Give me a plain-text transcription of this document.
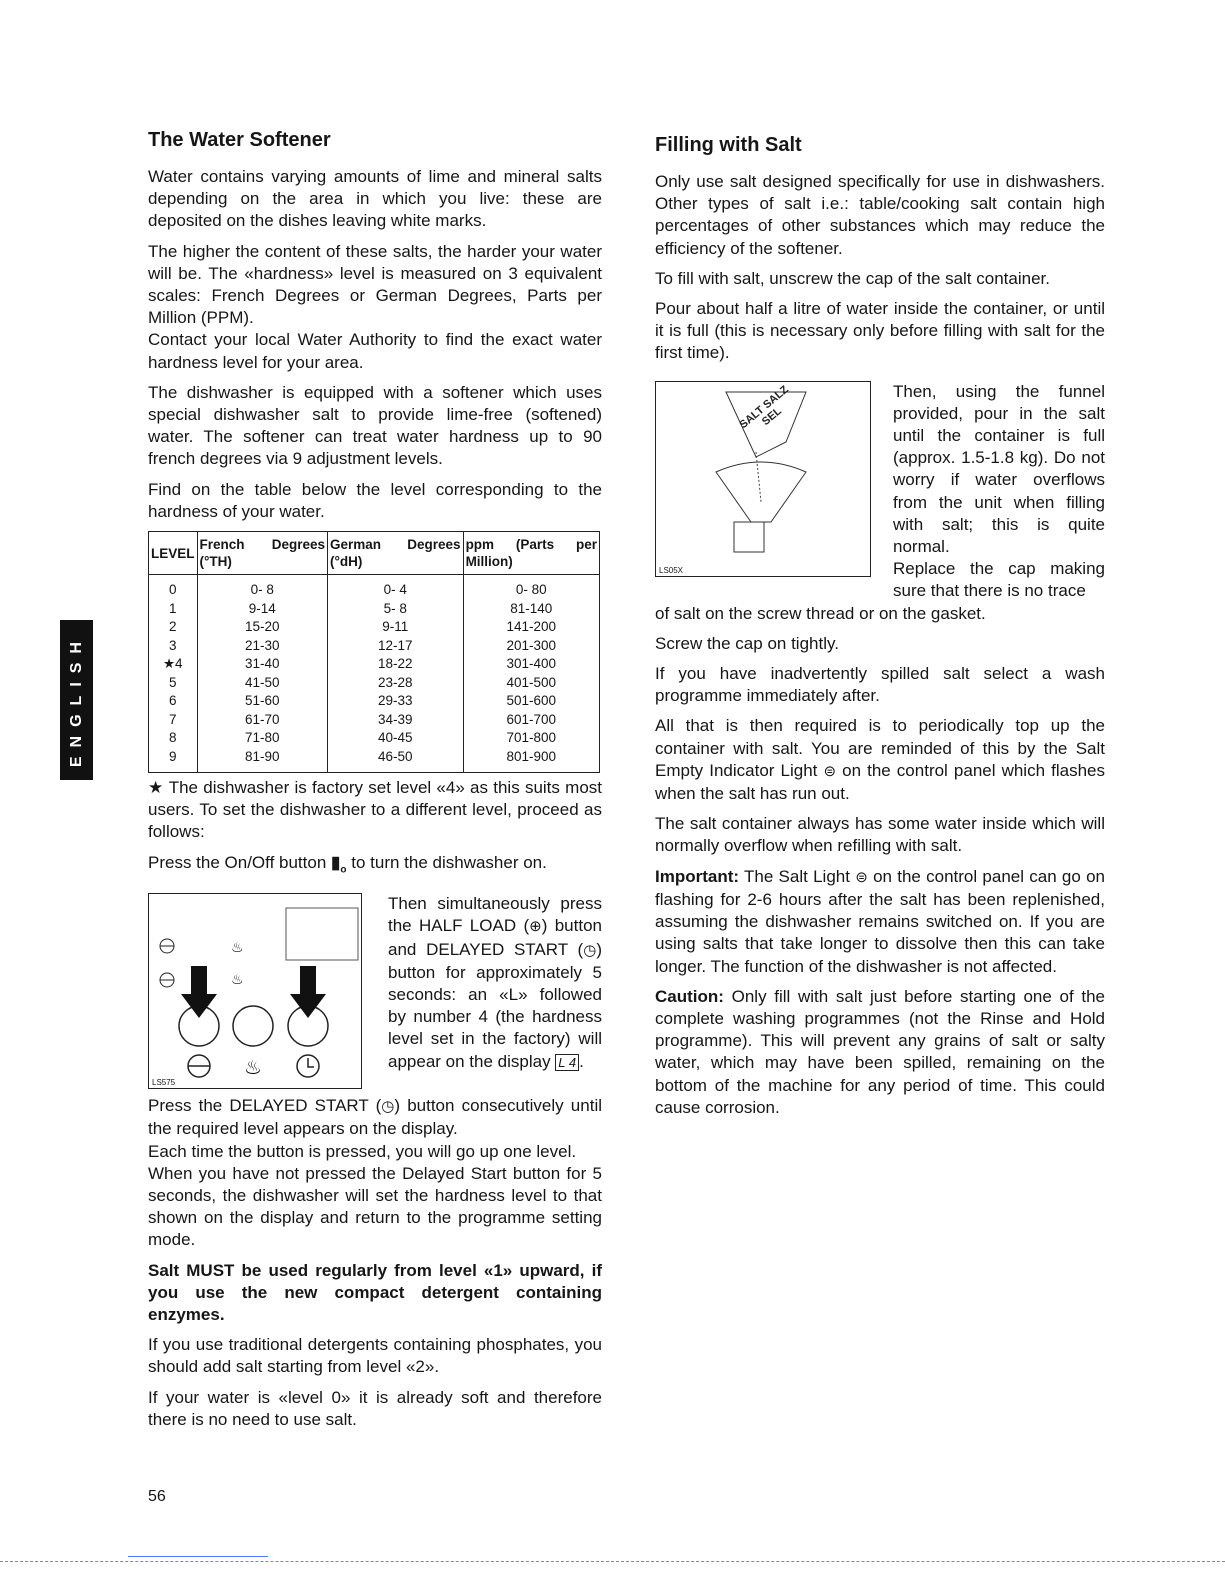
ENGLISH
The Water Softener

Water contains varying amounts of lime and mineral salts depending on the area in which you live: these are deposited on the dishes leaving white marks.

The higher the content of these salts, the harder your water will be. The «hardness» level is measured on 3 equivalent scales: French Degrees or German Degrees, Parts per Million (PPM).

Contact your local Water Authority to find the exact water hardness level for your area.

The dishwasher is equipped with a softener which uses special dishwasher salt to provide lime-free (softened) water. The softener can treat water hardness up to 90 french degrees via 9 adjustment levels.

Find on the table below the level corresponding to the hardness of your water.

LEVEL	French Degrees (°TH)	German Degrees (°dH)	ppm (Parts per Million)
0	0- 8	0- 4	0- 80
1	9-14	5- 8	81-140
2	15-20	9-11	141-200
3	21-30	12-17	201-300
★4	31-40	18-22	301-400
5	41-50	23-28	401-500
6	51-60	29-33	501-600
7	61-70	34-39	601-700
8	71-80	40-45	701-800
9	81-90	46-50	801-900

★ The dishwasher is factory set level «4» as this suits most users. To set the dishwasher to a different level, proceed as follows:

Press the On/Off button $▮_o$ to turn the dishwasher on.

♨
♨
♨
LS575

Then simultaneously press the HALF LOAD (⊕) button and DELAYED START (◷) button for approximately 5 seconds: an «L» followed by number 4 (the hardness level set in the factory) will appear on the display L 4 .

Press the DELAYED START (◷) button consecutively until the required level appears on the display.

Each time the button is pressed, you will go up one level.

When you have not pressed the Delayed Start button for 5 seconds, the dishwasher will set the hardness level to that shown on the display and return to the programme setting mode.

Salt MUST be used regularly from level «1» upward, if you use the new compact detergent containing enzymes.

If you use traditional detergents containing phosphates, you should add salt starting from level «2».

If your water is «level 0» it is already soft and therefore there is no need to use salt.

Filling with Salt

Only use salt designed specifically for use in dishwashers. Other types of salt i.e.: table/cooking salt contain high percentages of other substances which may reduce the efficiency of the softener.

To fill with salt, unscrew the cap of the salt container.

Pour about half a litre of water inside the container, or until it is full (this is necessary only before filling with salt for the first time).

SALT SALZ SEL
LS05X

Then, using the funnel provided, pour in the salt until the container is full (approx. 1.5-1.8 kg). Do not worry if water overflows from the unit when filling with salt; this is quite normal.

Replace the cap making sure that there is no trace

of salt on the screw thread or on the gasket.

Screw the cap on tightly.

If you have inadvertently spilled salt select a wash programme immediately after.

All that is then required is to periodically top up the container with salt. You are reminded of this by the Salt Empty Indicator Light ⊜ on the control panel which flashes when the salt has run out.

The salt container always has some water inside which will normally overflow when refilling with salt.

Important: The Salt Light ⊜ on the control panel can go on flashing for 2-6 hours after the salt has been replenished, assuming the dishwasher remains switched on. If you are using salts that take longer to dissolve then this can take longer. The function of the dishwasher is not affected.

Caution: Only fill with salt just before starting one of the complete washing programmes (not the Rinse and Hold programme). This will prevent any grains of salt or salty water, which may have been spilled, remaining on the bottom of the machine for any period of time. This could cause corrosion.

56
